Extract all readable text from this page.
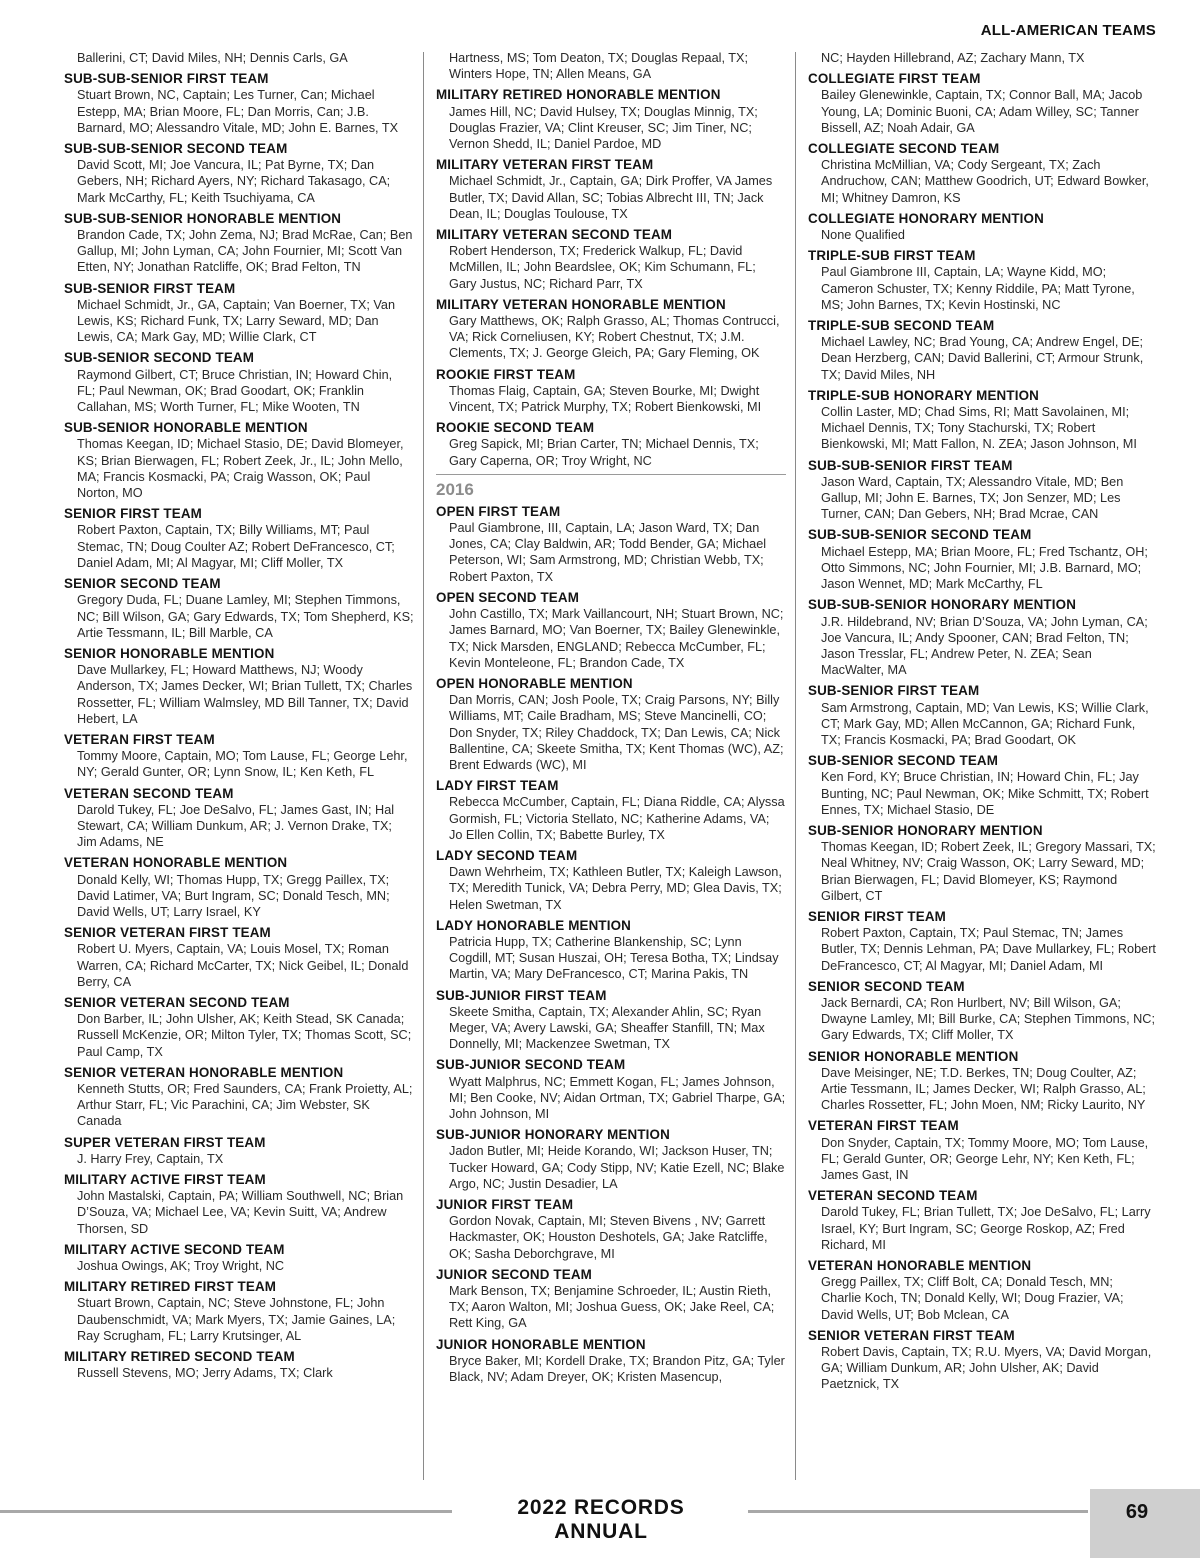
ALL-AMERICAN TEAMS
Ballerini, CT; David Miles, NH; Dennis Carls, GA
SUB-SUB-SENIOR FIRST TEAM
Stuart Brown, NC, Captain; Les Turner, Can; Michael Estepp, MA; Brian Moore, FL; Dan Morris, Can; J.B. Barnard, MO; Alessandro Vitale, MD; John E. Barnes, TX
SUB-SUB-SENIOR SECOND TEAM
David Scott, MI; Joe Vancura, IL; Pat Byrne, TX; Dan Gebers, NH; Richard Ayers, NY; Richard Takasago, CA; Mark McCarthy, FL; Keith Tsuchiyama, CA
SUB-SUB-SENIOR HONORABLE MENTION
Brandon Cade, TX; John Zema, NJ; Brad McRae, Can; Ben Gallup, MI; John Lyman, CA; John Fournier, MI; Scott Van Etten, NY; Jonathan Ratcliffe, OK; Brad Felton, TN
SUB-SENIOR FIRST TEAM
Michael Schmidt, Jr., GA, Captain; Van Boerner, TX; Van Lewis, KS; Richard Funk, TX; Larry Seward, MD; Dan Lewis, CA; Mark Gay, MD; Willie Clark, CT
SUB-SENIOR SECOND TEAM
Raymond Gilbert, CT; Bruce Christian, IN; Howard Chin, FL; Paul Newman, OK; Brad Goodart, OK; Franklin Callahan, MS; Worth Turner, FL; Mike Wooten, TN
SUB-SENIOR HONORABLE MENTION
Thomas Keegan, ID; Michael Stasio, DE; David Blomeyer, KS; Brian Bierwagen, FL; Robert Zeek, Jr., IL; John Mello, MA; Francis Kosmacki, PA; Craig Wasson, OK; Paul Norton, MO
SENIOR FIRST TEAM
Robert Paxton, Captain, TX; Billy Williams, MT; Paul Stemac, TN; Doug Coulter AZ; Robert DeFrancesco, CT; Daniel Adam, MI; Al Magyar, MI; Cliff Moller, TX
SENIOR SECOND TEAM
Gregory Duda, FL; Duane Lamley, MI; Stephen Timmons, NC; Bill Wilson, GA; Gary Edwards, TX; Tom Shepherd, KS; Artie Tessmann, IL; Bill Marble, CA
SENIOR HONORABLE MENTION
Dave Mullarkey, FL; Howard Matthews, NJ; Woody Anderson, TX; James Decker, WI; Brian Tullett, TX; Charles Rossetter, FL; William Walmsley, MD Bill Tanner, TX; David Hebert, LA
VETERAN FIRST TEAM
Tommy Moore, Captain, MO; Tom Lause, FL; George Lehr, NY; Gerald Gunter, OR; Lynn Snow, IL; Ken Keth, FL
VETERAN SECOND TEAM
Darold Tukey, FL; Joe DeSalvo, FL; James Gast, IN; Hal Stewart, CA; William Dunkum, AR; J. Vernon Drake, TX; Jim Adams, NE
VETERAN HONORABLE MENTION
Donald Kelly, WI; Thomas Hupp, TX; Gregg Paillex, TX; David Latimer, VA; Burt Ingram, SC; Donald Tesch, MN; David Wells, UT; Larry Israel, KY
SENIOR VETERAN FIRST TEAM
Robert U. Myers, Captain, VA; Louis Mosel, TX; Roman Warren, CA; Richard McCarter, TX; Nick Geibel, IL; Donald Berry, CA
SENIOR VETERAN SECOND TEAM
Don Barber, IL; John Ulsher, AK; Keith Stead, SK Canada; Russell McKenzie, OR; Milton Tyler, TX; Thomas Scott, SC; Paul Camp, TX
SENIOR VETERAN HONORABLE MENTION
Kenneth Stutts, OR; Fred Saunders, CA; Frank Proietty, AL; Arthur Starr, FL; Vic Parachini, CA; Jim Webster, SK Canada
SUPER VETERAN FIRST TEAM
J. Harry Frey, Captain, TX
MILITARY ACTIVE FIRST TEAM
John Mastalski, Captain, PA; William Southwell, NC; Brian D’Souza, VA; Michael Lee, VA; Kevin Suitt, VA; Andrew Thorsen, SD
MILITARY ACTIVE SECOND TEAM
Joshua Owings, AK; Troy Wright, NC
MILITARY RETIRED FIRST TEAM
Stuart Brown, Captain, NC; Steve Johnstone, FL; John Daubenschmidt, VA; Mark Myers, TX; Jamie Gaines, LA; Ray Scrugham, FL; Larry Krutsinger, AL
MILITARY RETIRED SECOND TEAM
Russell Stevens, MO; Jerry Adams, TX; Clark
Hartness, MS; Tom Deaton, TX; Douglas Repaal, TX; Winters Hope, TN; Allen Means, GA
MILITARY RETIRED HONORABLE MENTION
James Hill, NC; David Hulsey, TX; Douglas Minnig, TX; Douglas Frazier, VA; Clint Kreuser, SC; Jim Tiner, NC; Vernon Shedd, IL; Daniel Pardoe, MD
MILITARY VETERAN FIRST TEAM
Michael Schmidt, Jr., Captain, GA; Dirk Proffer, VA James Butler, TX; David Allan, SC; Tobias Albrecht III, TN; Jack Dean, IL; Douglas Toulouse, TX
MILITARY VETERAN SECOND TEAM
Robert Henderson, TX; Frederick Walkup, FL; David McMillen, IL; John Beardslee, OK; Kim Schumann, FL; Gary Justus, NC; Richard Parr, TX
MILITARY VETERAN HONORABLE MENTION
Gary Matthews, OK; Ralph Grasso, AL; Thomas Contrucci, VA; Rick Corneliusen, KY; Robert Chestnut, TX; J.M. Clements, TX; J. George Gleich, PA; Gary Fleming, OK
ROOKIE FIRST TEAM
Thomas Flaig, Captain, GA; Steven Bourke, MI; Dwight Vincent, TX; Patrick Murphy, TX; Robert Bienkowski, MI
ROOKIE SECOND TEAM
Greg Sapick, MI; Brian Carter, TN; Michael Dennis, TX; Gary Caperna, OR; Troy Wright, NC
2016
OPEN FIRST TEAM
Paul Giambrone, III, Captain, LA; Jason Ward, TX; Dan Jones, CA; Clay Baldwin, AR; Todd Bender, GA; Michael Peterson, WI; Sam Armstrong, MD; Christian Webb, TX; Robert Paxton, TX
OPEN SECOND TEAM
John Castillo, TX; Mark Vaillancourt, NH; Stuart Brown, NC; James Barnard, MO; Van Boerner, TX; Bailey Glenewinkle, TX; Nick Marsden, ENGLAND; Rebecca McCumber, FL; Kevin Monteleone, FL; Brandon Cade, TX
OPEN HONORABLE MENTION
Dan Morris, CAN; Josh Poole, TX; Craig Parsons, NY; Billy Williams, MT; Caile Bradham, MS; Steve Mancinelli, CO; Don Snyder, TX; Riley Chaddock, TX; Dan Lewis, CA; Nick Ballentine, CA; Skeete Smitha, TX; Kent Thomas (WC), AZ; Brent Edwards (WC), MI
LADY FIRST TEAM
Rebecca McCumber, Captain, FL; Diana Riddle, CA; Alyssa Gormish, FL; Victoria Stellato, NC; Katherine Adams, VA; Jo Ellen Collin, TX; Babette Burley, TX
LADY SECOND TEAM
Dawn Wehrheim, TX; Kathleen Butler, TX; Kaleigh Lawson, TX; Meredith Tunick, VA; Debra Perry, MD; Glea Davis, TX; Helen Swetman, TX
LADY HONORABLE MENTION
Patricia Hupp, TX; Catherine Blankenship, SC; Lynn Cogdill, MT; Susan Huszai, OH; Teresa Botha, TX; Lindsay Martin, VA; Mary DeFrancesco, CT; Marina Pakis, TN
SUB-JUNIOR FIRST TEAM
Skeete Smitha, Captain, TX; Alexander Ahlin, SC; Ryan Meger, VA; Avery Lawski, GA; Sheaffer Stanfill, TN; Max Donnelly, MI; Mackenzee Swetman, TX
SUB-JUNIOR SECOND TEAM
Wyatt Malphrus, NC; Emmett Kogan, FL; James Johnson, MI; Ben Cooke, NV; Aidan Ortman, TX; Gabriel Tharpe, GA; John Johnson, MI
SUB-JUNIOR HONORARY MENTION
Jadon Butler, MI; Heide Korando, WI; Jackson Huser, TN; Tucker Howard, GA; Cody Stipp, NV; Katie Ezell, NC; Blake Argo, NC; Justin Desadier, LA
JUNIOR FIRST TEAM
Gordon Novak, Captain, MI; Steven Bivens , NV; Garrett Hackmaster, OK; Houston Deshotels, GA; Jake Ratcliffe, OK; Sasha Deborchgrave, MI
JUNIOR SECOND TEAM
Mark Benson, TX; Benjamine Schroeder, IL; Austin Rieth, TX; Aaron Walton, MI; Joshua Guess, OK; Jake Reel, CA; Rett King, GA
JUNIOR HONORABLE MENTION
Bryce Baker, MI; Kordell Drake, TX; Brandon Pitz, GA; Tyler Black, NV; Adam Dreyer, OK; Kristen Masencup,
NC; Hayden Hillebrand, AZ; Zachary Mann, TX
COLLEGIATE FIRST TEAM
Bailey Glenewinkle, Captain, TX; Connor Ball, MA; Jacob Young, LA; Dominic Buoni, CA; Adam Willey, SC; Tanner Bissell, AZ; Noah Adair, GA
COLLEGIATE SECOND TEAM
Christina McMillian, VA; Cody Sergeant, TX; Zach Andruchow, CAN; Matthew Goodrich, UT; Edward Bowker, MI; Whitney Damron, KS
COLLEGIATE HONORARY MENTION
None Qualified
TRIPLE-SUB FIRST TEAM
Paul Giambrone III, Captain, LA; Wayne Kidd, MO; Cameron Schuster, TX; Kenny Riddile, PA; Matt Tyrone, MS; John Barnes, TX; Kevin Hostinski, NC
TRIPLE-SUB SECOND TEAM
Michael Lawley, NC; Brad Young, CA; Andrew Engel, DE; Dean Herzberg, CAN; David Ballerini, CT; Armour Strunk, TX; David Miles, NH
TRIPLE-SUB HONORARY MENTION
Collin Laster, MD; Chad Sims, RI; Matt Savolainen, MI; Michael Dennis, TX; Tony Stachurski, TX; Robert Bienkowski, MI; Matt Fallon, N. ZEA; Jason Johnson, MI
SUB-SUB-SENIOR FIRST TEAM
Jason Ward, Captain, TX; Alessandro Vitale, MD; Ben Gallup, MI; John E. Barnes, TX; Jon Senzer, MD; Les Turner, CAN; Dan Gebers, NH; Brad Mcrae, CAN
SUB-SUB-SENIOR SECOND TEAM
Michael Estepp, MA; Brian Moore, FL; Fred Tschantz, OH; Otto Simmons, NC; John Fournier, MI; J.B. Barnard, MO; Jason Wennet, MD; Mark McCarthy, FL
SUB-SUB-SENIOR HONORARY MENTION
J.R. Hildebrand, NV; Brian D’Souza, VA; John Lyman, CA; Joe Vancura, IL; Andy Spooner, CAN; Brad Felton, TN; Jason Tresslar, FL; Andrew Peter, N. ZEA; Sean MacWalter, MA
SUB-SENIOR FIRST TEAM
Sam Armstrong, Captain, MD; Van Lewis, KS; Willie Clark, CT; Mark Gay, MD; Allen McCannon, GA; Richard Funk, TX; Francis Kosmacki, PA; Brad Goodart, OK
SUB-SENIOR SECOND TEAM
Ken Ford, KY; Bruce Christian, IN; Howard Chin, FL; Jay Bunting, NC; Paul Newman, OK; Mike Schmitt, TX; Robert Ennes, TX; Michael Stasio, DE
SUB-SENIOR HONORARY MENTION
Thomas Keegan, ID; Robert Zeek, IL; Gregory Massari, TX; Neal Whitney, NV; Craig Wasson, OK; Larry Seward, MD; Brian Bierwagen, FL; David Blomeyer, KS; Raymond Gilbert, CT
SENIOR FIRST TEAM
Robert Paxton, Captain, TX; Paul Stemac, TN; James Butler, TX; Dennis Lehman, PA; Dave Mullarkey, FL; Robert DeFrancesco, CT; Al Magyar, MI; Daniel Adam, MI
SENIOR SECOND TEAM
Jack Bernardi, CA; Ron Hurlbert, NV; Bill Wilson, GA; Dwayne Lamley, MI; Bill Burke, CA; Stephen Timmons, NC; Gary Edwards, TX; Cliff Moller, TX
SENIOR HONORABLE MENTION
Dave Meisinger, NE; T.D. Berkes, TN; Doug Coulter, AZ; Artie Tessmann, IL; James Decker, WI; Ralph Grasso, AL; Charles Rossetter, FL; John Moen, NM; Ricky Laurito, NY
VETERAN FIRST TEAM
Don Snyder, Captain, TX; Tommy Moore, MO; Tom Lause, FL; Gerald Gunter, OR; George Lehr, NY; Ken Keth, FL; James Gast, IN
VETERAN SECOND TEAM
Darold Tukey, FL; Brian Tullett, TX; Joe DeSalvo, FL; Larry Israel, KY; Burt Ingram, SC; George Roskop, AZ; Fred Richard, MI
VETERAN HONORABLE MENTION
Gregg Paillex, TX; Cliff Bolt, CA; Donald Tesch, MN; Charlie Koch, TN; Donald Kelly, WI; Doug Frazier, VA; David Wells, UT; Bob Mclean, CA
SENIOR VETERAN FIRST TEAM
Robert Davis, Captain, TX; R.U. Myers, VA; David Morgan, GA; William Dunkum, AR; John Ulsher, AK; David Paetznick, TX
2022 RECORDS ANNUAL
69
